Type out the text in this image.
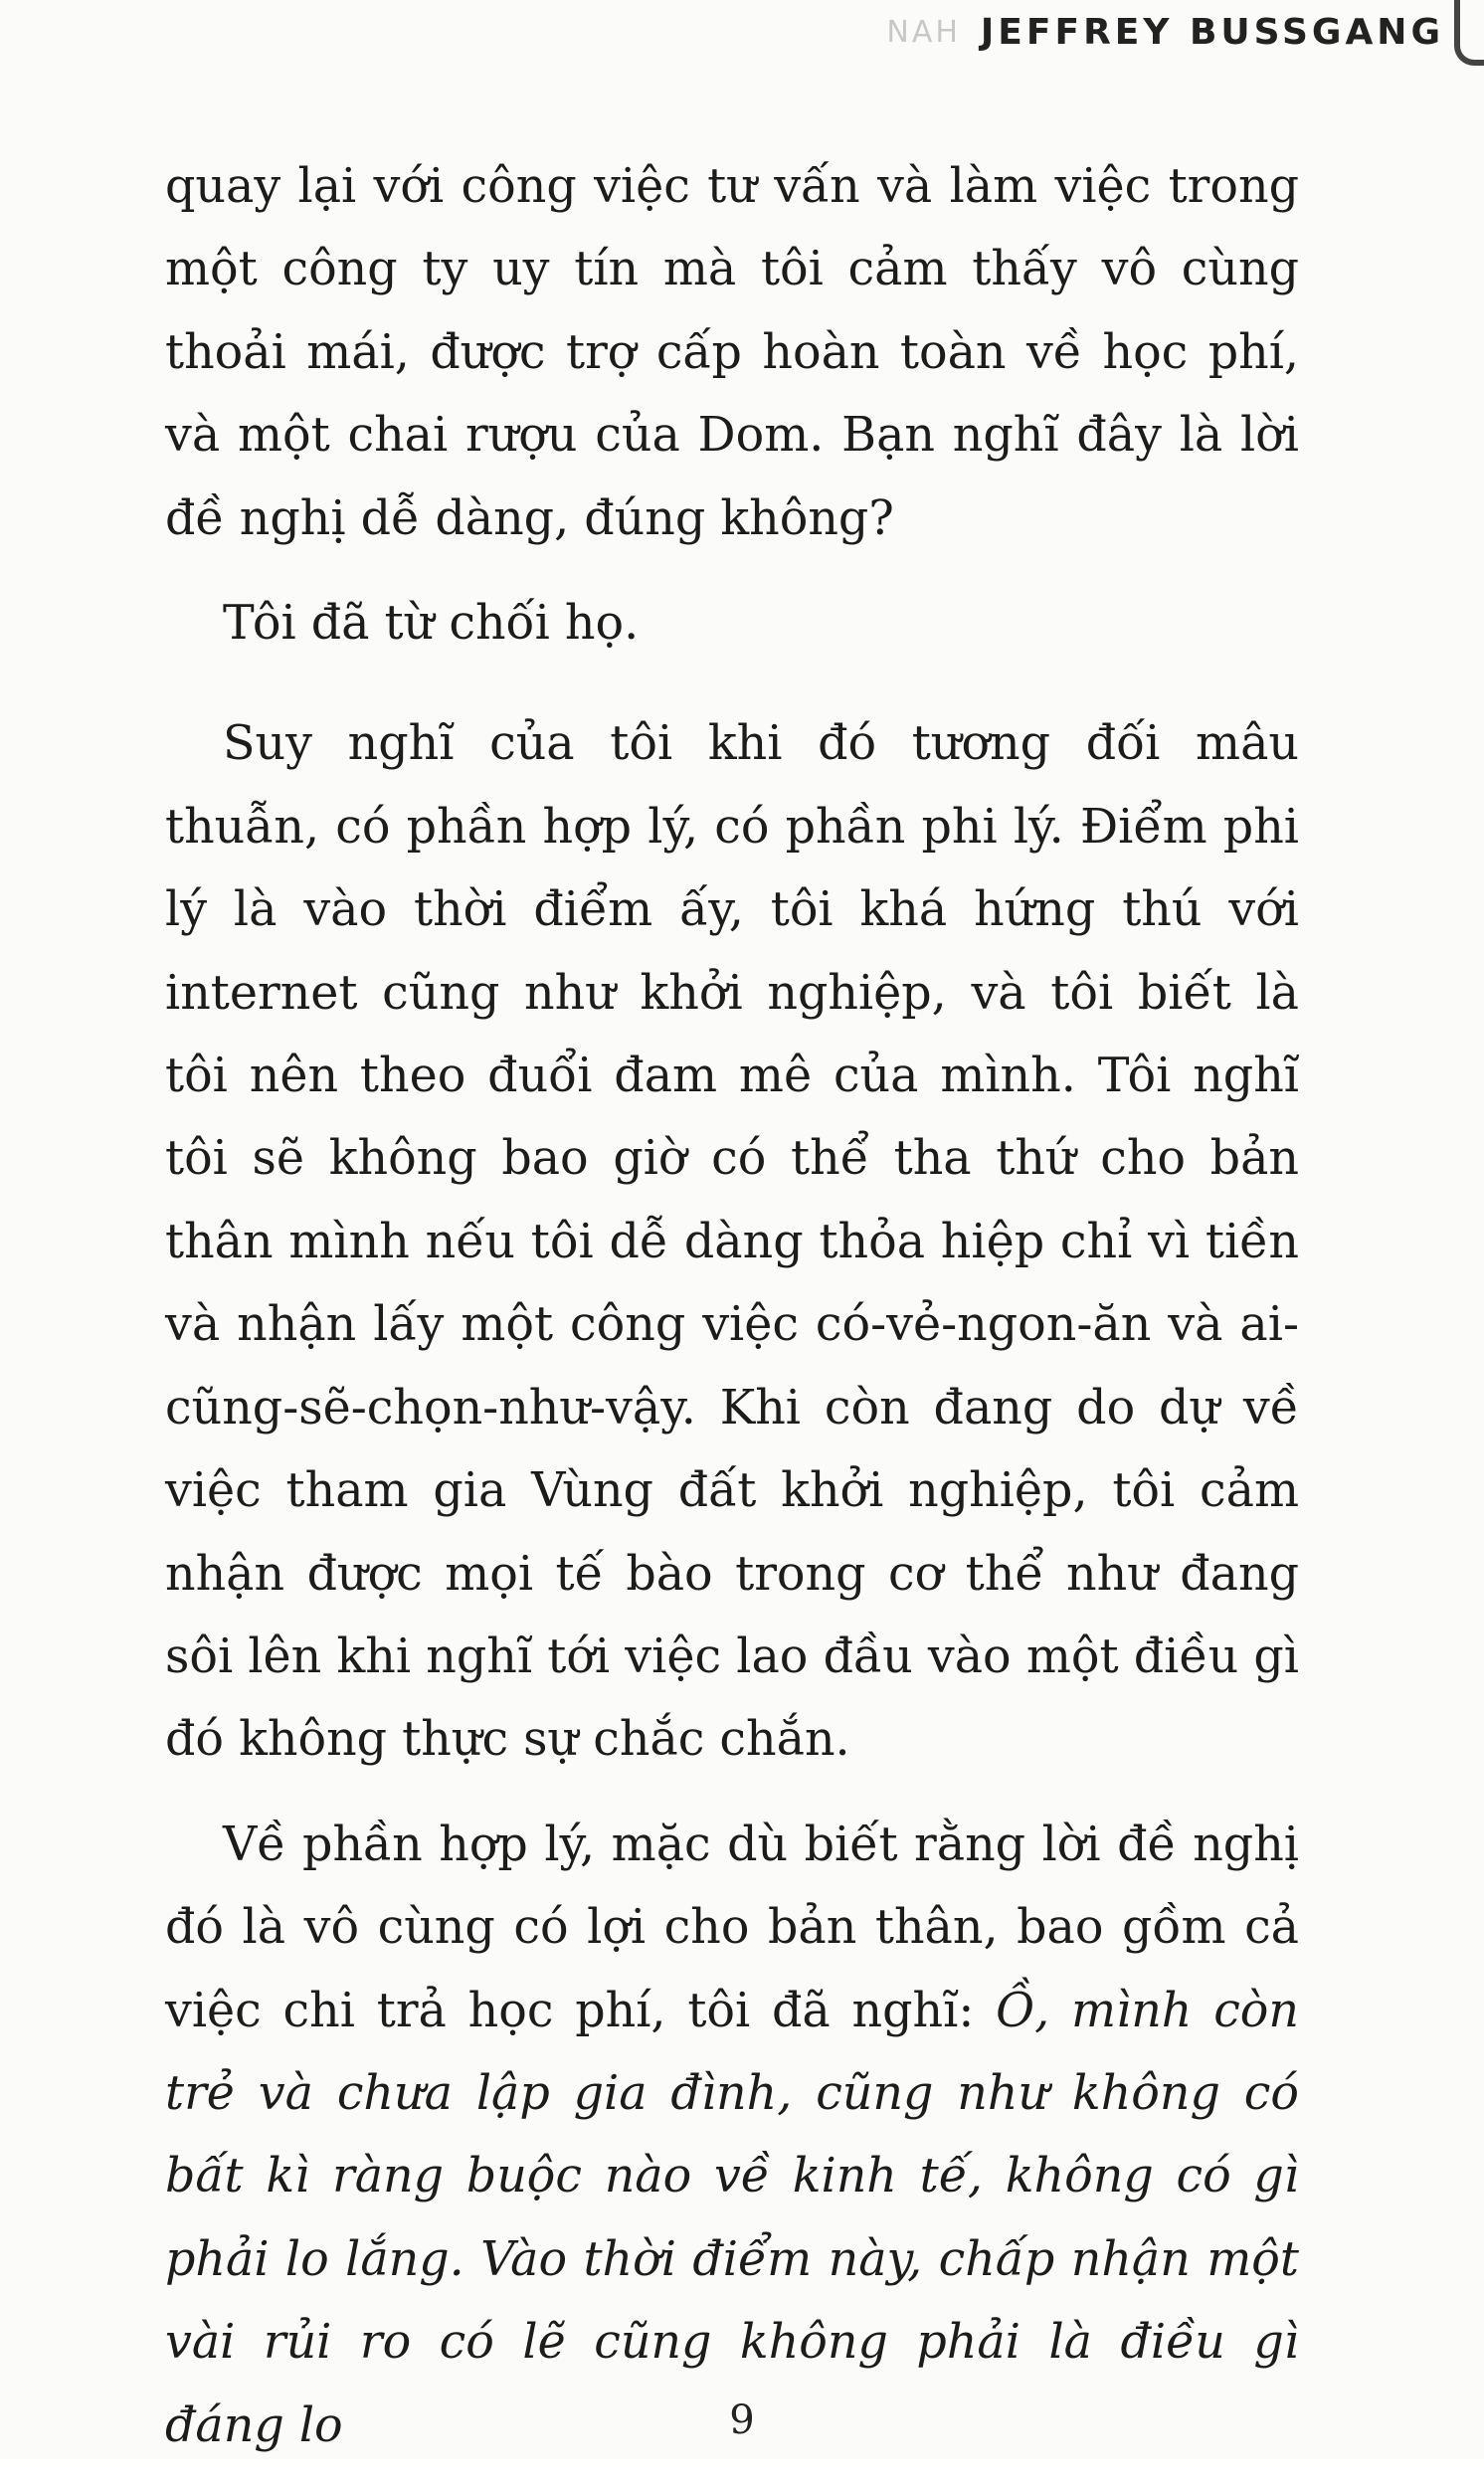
NAH JEFFREY BUSSGANG

quay lại với công việc tư vấn và làm việc trong một công ty uy tín mà tôi cảm thấy vô cùng thoải mái, được trợ cấp hoàn toàn về học phí, và một chai rượu của Dom. Bạn nghĩ đây là lời đề nghị dễ dàng, đúng không?

Tôi đã từ chối họ.

Suy nghĩ của tôi khi đó tương đối mâu thuẫn, có phần hợp lý, có phần phi lý. Điểm phi lý là vào thời điểm ấy, tôi khá hứng thú với internet cũng như khởi nghiệp, và tôi biết là tôi nên theo đuổi đam mê của mình. Tôi nghĩ tôi sẽ không bao giờ có thể tha thứ cho bản thân mình nếu tôi dễ dàng thỏa hiệp chỉ vì tiền và nhận lấy một công việc có-vẻ-ngon-ăn và ai-cũng-sẽ-chọn-như-vậy. Khi còn đang do dự về việc tham gia Vùng đất khởi nghiệp, tôi cảm nhận được mọi tế bào trong cơ thể như đang sôi lên khi nghĩ tới việc lao đầu vào một điều gì đó không thực sự chắc chắn.

Về phần hợp lý, mặc dù biết rằng lời đề nghị đó là vô cùng có lợi cho bản thân, bao gồm cả việc chi trả học phí, tôi đã nghĩ: Ồ, mình còn trẻ và chưa lập gia đình, cũng như không có bất kì ràng buộc nào về kinh tế, không có gì phải lo lắng. Vào thời điểm này, chấp nhận một vài rủi ro có lẽ cũng không phải là điều gì đáng lo	9
